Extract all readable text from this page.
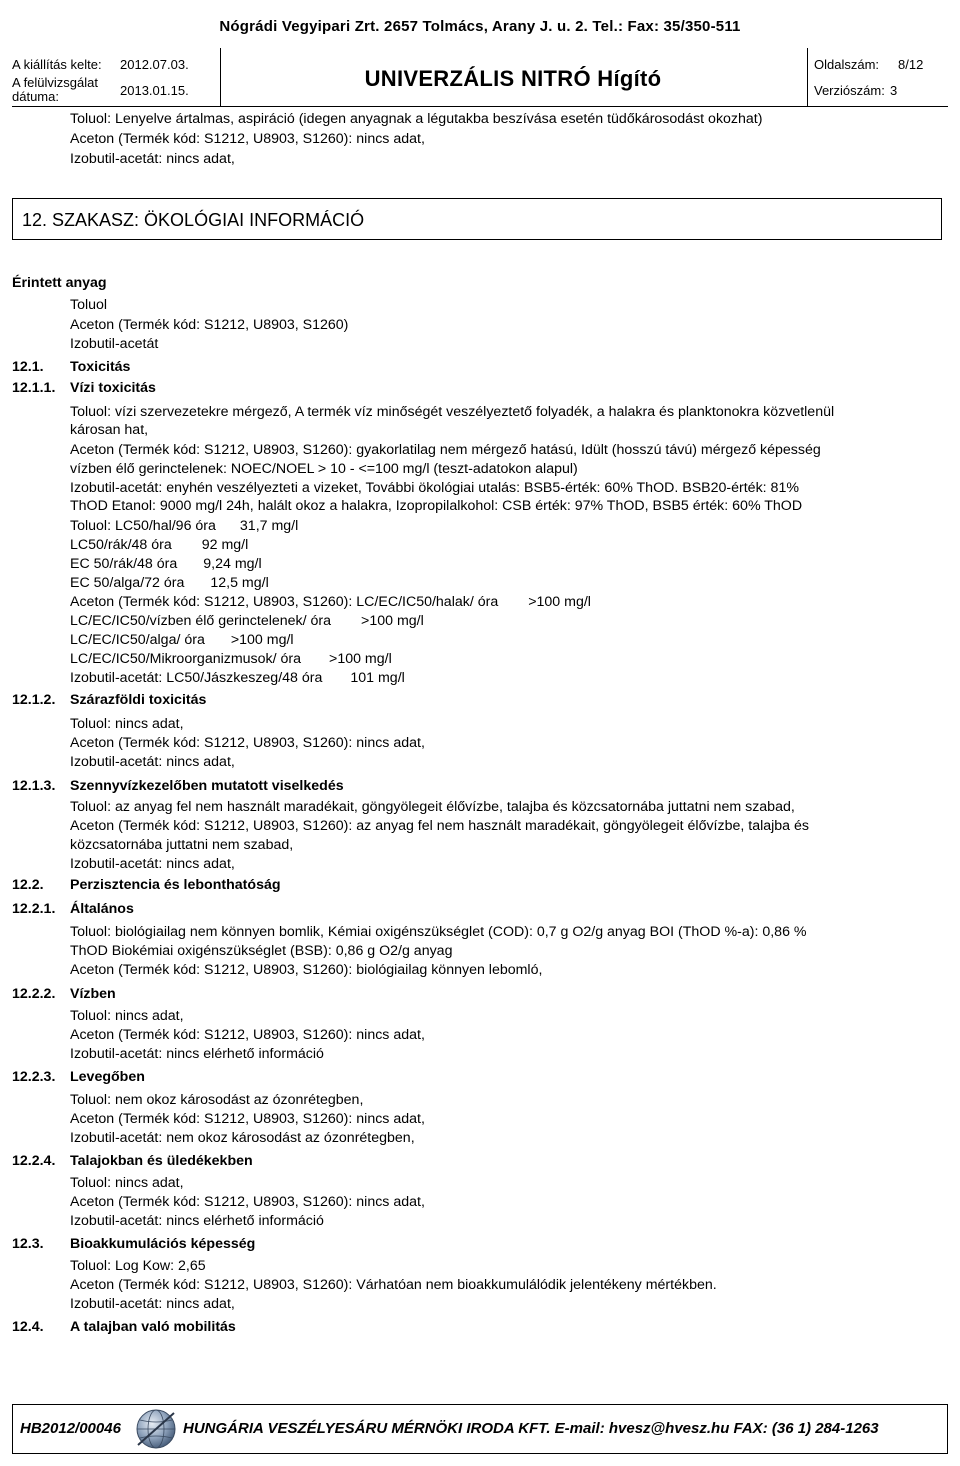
Nógrádi Vegyipari Zrt. 2657 Tolmács, Arany J. u. 2. Tel.: Fax: 35/350-511
A kiállítás kelte: 2012.07.03.
A felülvizsgálat
dátuma:	2013.01.15.	UNIVERZÁLIS NITRÓ Hígító
Oldalszám: 8/12
Verziószám: 3
Toluol: Lenyelve ártalmas, aspiráció (idegen anyagnak a légutakba beszívása esetén tüdőkárosodást okozhat)
Aceton (Termék kód: S1212, U8903, S1260): nincs adat,
Izobutil-acetát: nincs adat,
12. SZAKASZ: ÖKOLÓGIAI INFORMÁCIÓ
Érintett anyag
Toluol
Aceton (Termék kód: S1212, U8903, S1260)
Izobutil-acetát
12.1. Toxicitás
12.1.1. Vízi toxicitás
Toluol: vízi szervezetekre mérgező, A termék víz minőségét veszélyeztető folyadék, a halakra és planktonokra közvetlenül
károsan hat,
Aceton (Termék kód: S1212, U8903, S1260): gyakorlatilag nem mérgező hatású, Idült (hosszú távú) mérgező képesség
vízben élő gerinctelenek: NOEC/NOEL > 10 - <=100 mg/l (teszt-adatokon alapul)
Izobutil-acetát: enyhén veszélyezteti a vizeket, További ökológiai utalás: BSB5-érték: 60% ThOD. BSB20-érték: 81%
ThOD Etanol: 9000 mg/l 24h, halált okoz a halakra, Izopropilalkohol: CSB érték: 97% ThOD, BSB5 érték: 60% ThOD
Toluol: LC50/hal/96 óra 31,7 mg/l
LC50/rák/48 óra 92 mg/l
EC 50/rák/48 óra 9,24 mg/l
EC 50/alga/72 óra 12,5 mg/l
Aceton (Termék kód: S1212, U8903, S1260): LC/EC/IC50/halak/ óra >100 mg/l
LC/EC/IC50/vízben élő gerinctelenek/ óra >100 mg/l
LC/EC/IC50/alga/ óra >100 mg/l
LC/EC/IC50/Mikroorganizmusok/ óra >100 mg/l
Izobutil-acetát: LC50/Jászkeszeg/48 óra 101 mg/l
12.1.2. Szárazföldi toxicitás
Toluol: nincs adat,
Aceton (Termék kód: S1212, U8903, S1260): nincs adat,
Izobutil-acetát: nincs adat,
12.1.3. Szennyvízkezelőben mutatott viselkedés
Toluol: az anyag fel nem használt maradékait, göngyölegeit élővízbe, talajba és közcsatornába juttatni nem szabad,
Aceton (Termék kód: S1212, U8903, S1260): az anyag fel nem használt maradékait, göngyölegeit élővízbe, talajba és
közcsatornába juttatni nem szabad,
Izobutil-acetát: nincs adat,
12.2. Perzisztencia és lebonthatóság
12.2.1. Általános
Toluol: biológiailag nem könnyen bomlik, Kémiai oxigénszükséglet (COD): 0,7 g O2/g anyag BOI (ThOD %-a): 0,86 %
ThOD Biokémiai oxigénszükséglet (BSB): 0,86 g O2/g anyag
Aceton (Termék kód: S1212, U8903, S1260): biológiailag könnyen lebomló,
12.2.2. Vízben
Toluol: nincs adat,
Aceton (Termék kód: S1212, U8903, S1260): nincs adat,
Izobutil-acetát: nincs elérhető információ
12.2.3. Levegőben
Toluol: nem okoz károsodást az ózonrétegben,
Aceton (Termék kód: S1212, U8903, S1260): nincs adat,
Izobutil-acetát: nem okoz károsodást az ózonrétegben,
12.2.4. Talajokban és üledékekben
Toluol: nincs adat,
Aceton (Termék kód: S1212, U8903, S1260): nincs adat,
Izobutil-acetát: nincs elérhető információ
12.3. Bioakkumulációs képesség
Toluol: Log Kow: 2,65
Aceton (Termék kód: S1212, U8903, S1260): Várhatóan nem bioakkumulálódik jelentékeny mértékben.
Izobutil-acetát: nincs adat,
12.4. A talajban való mobilitás
HB2012/00046	HUNGÁRIA VESZÉLYESÁRU MÉRNÖKI IRODA KFT. E-mail: hvesz@hvesz.hu FAX: (36 1) 284-1263
